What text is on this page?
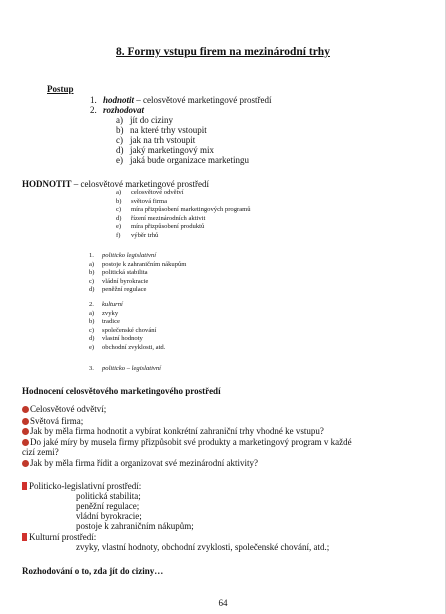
8. Formy vstupu firem na mezinárodní trhy
Postup
1. hodnotit – celosvětové marketingové prostředí
2. rozhodovat
a) jít do ciziny
b) na které trhy vstoupit
c) jak na trh vstoupit
d) jaký marketingový mix
e) jaká bude organizace marketingu
HODNOTIT – celosvětové marketingové prostředí
a) celosvětové odvětví
b) světová firma
c) míra přizpůsobení marketingových programů
d) řízení mezinárodních aktivit
e) míra přizpůsobení produktů
f) výběr trhů
1. politicko legislativní
a) postoje k zahraničním nákupům
b) politická stabilita
c) vládní byrokracie
d) peněžní regulace
2. kulturní
a) zvyky
b) tradice
c) společenské chování
d) vlastní hodnoty
e) obchodní zvyklosti, atd.
3. politicko – legislativní
Hodnocení celosvětového marketingového prostředí
Celosvětové odvětví;
Světová firma;
Jak by měla firma hodnotit a vybírat konkrétní zahraniční trhy vhodné ke vstupu?
Do jaké míry by musela firmy přizpůsobit své produkty a marketingový program v každé
cizí zemi?
Jak by měla firma řídit a organizovat své mezinárodní aktivity?
Politicko-legislativní prostředí:
politická stabilita;
peněžní regulace;
vládní byrokracie;
postoje k zahraničním nákupům;
Kulturní prostředí:
zvyky, vlastní hodnoty, obchodní zvyklosti, společenské chování, atd.;
Rozhodování o to, zda jít do ciziny…
64
